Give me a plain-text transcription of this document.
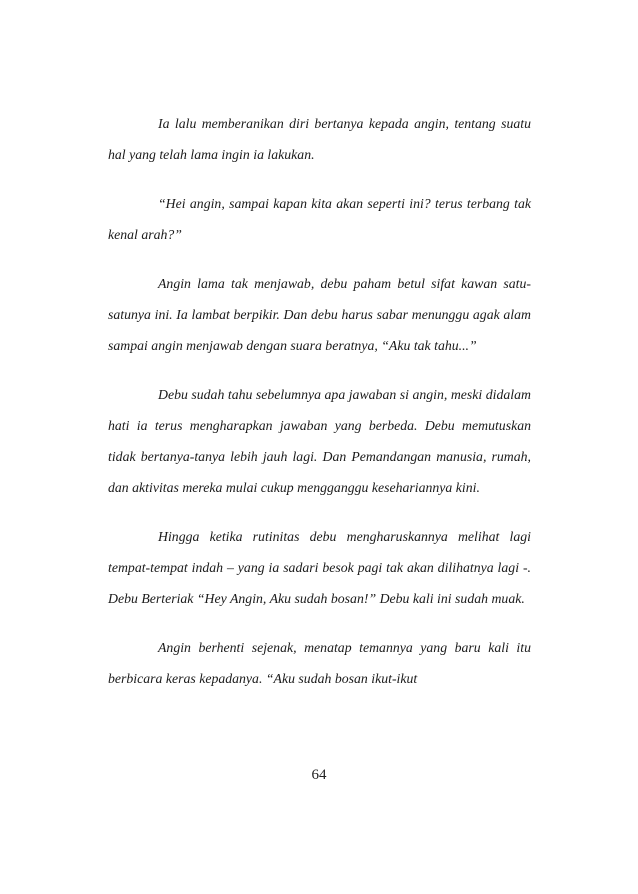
Ia lalu memberanikan diri bertanya kepada angin, tentang suatu hal yang telah lama ingin ia lakukan.

“Hei angin, sampai kapan kita akan seperti ini? terus terbang tak kenal arah?”

Angin lama tak menjawab, debu paham betul sifat kawan satu-satunya ini. Ia lambat berpikir. Dan debu harus sabar menunggu agak alam sampai angin menjawab dengan suara beratnya, “Aku tak tahu...”

Debu sudah tahu sebelumnya apa jawaban si angin, meski didalam hati ia terus mengharapkan jawaban yang berbeda. Debu memutuskan tidak bertanya-tanya lebih jauh lagi. Dan Pemandangan manusia, rumah, dan aktivitas mereka mulai cukup mengganggu kesehariannya kini.

Hingga ketika rutinitas debu mengharuskannya melihat lagi tempat-tempat indah – yang ia sadari besok pagi tak akan dilihatnya lagi -. Debu Berteriak “Hey Angin, Aku sudah bosan!” Debu kali ini sudah muak.

Angin berhenti sejenak, menatap temannya yang baru kali itu berbicara keras kepadanya. “Aku sudah bosan ikut-ikut

64
